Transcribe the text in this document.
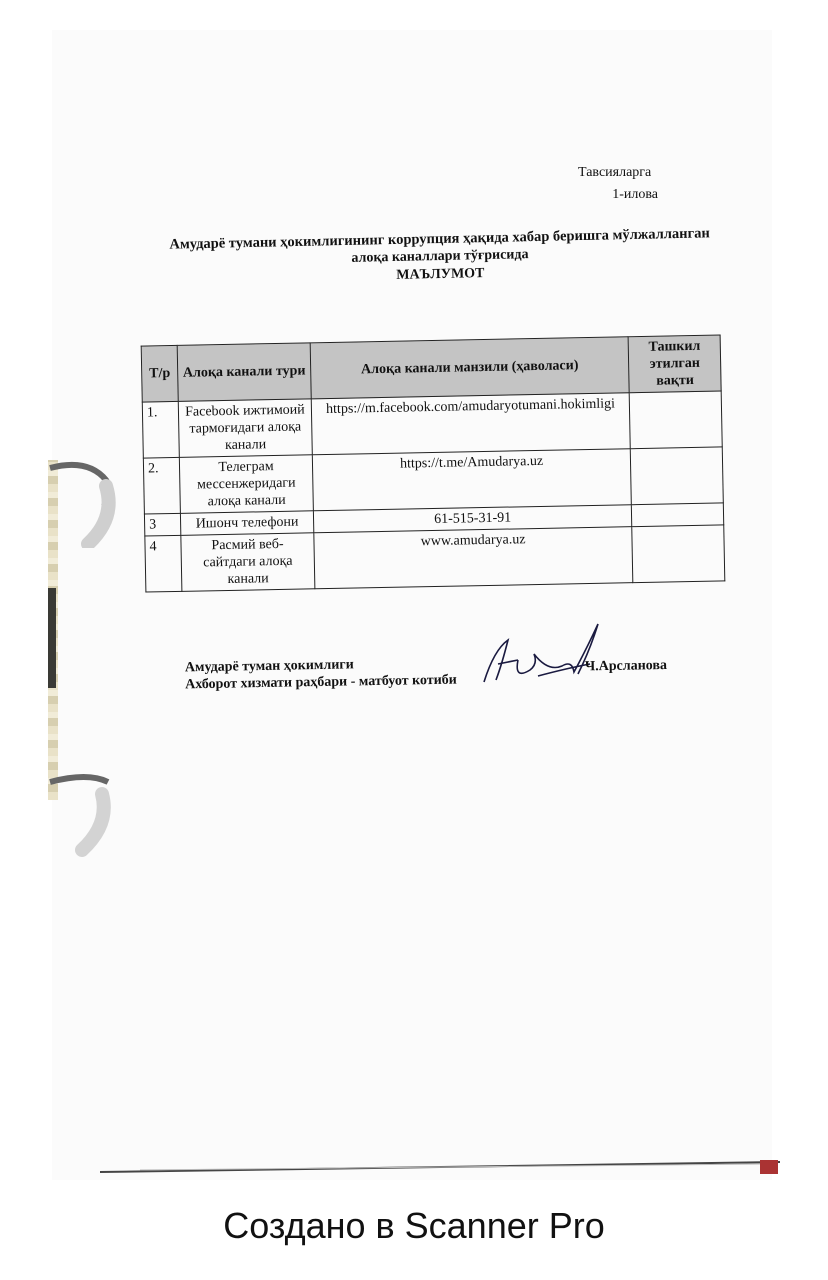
Тавсияларга
1-илова
Амударё тумани ҳокимлигининг коррупция ҳақида хабар беришга мўлжалланган
алоқа каналлари тўғрисида
МАЪЛУМОТ
Т/р	Алоқа канали тури	Алоқа канали манзили (ҳаволаси)	Ташкил этилган вақти
1.	Facebook ижтимоий тармоғидаги алоқа канали	https://m.facebook.com/amudaryotumani.hokimligi	
2.	Телеграм мессенжеридаги алоқа канали	https://t.me/Amudarya.uz	
3	Ишонч телефони	61-515-31-91	
4	Расмий веб-сайтдаги алоқа канали	www.amudarya.uz	
Амударё туман ҳокимлиги
Ахборот хизмати раҳбари - матбуот котиби
Ч.Арсланова
Создано в Scanner Pro
